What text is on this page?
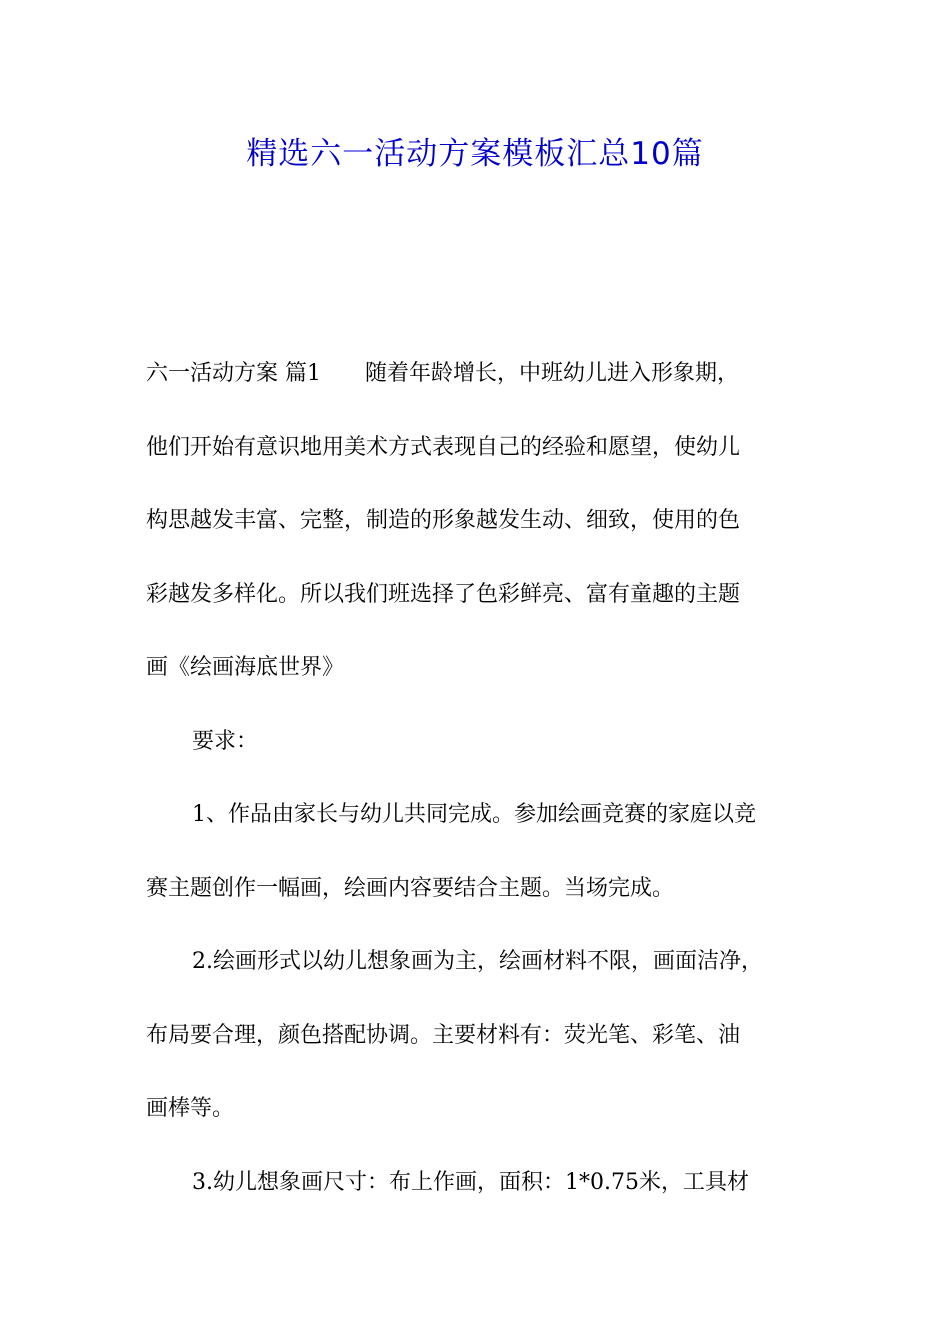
精选六一活动方案模板汇总10篇
六一活动方案 篇1 随着年龄增长，中班幼儿进入形象期，
他们开始有意识地用美术方式表现自己的经验和愿望，使幼儿
构思越发丰富、完整，制造的形象越发生动、细致，使用的色
彩越发多样化。所以我们班选择了色彩鲜亮、富有童趣的主题
画《绘画海底世界》
要求：
1、作品由家长与幼儿共同完成。参加绘画竞赛的家庭以竞
赛主题创作一幅画，绘画内容要结合主题。当场完成。
2.绘画形式以幼儿想象画为主，绘画材料不限，画面洁净，
布局要合理，颜色搭配协调。主要材料有：荧光笔、彩笔、油
画棒等。
3.幼儿想象画尺寸：布上作画，面积：1*0.75米，工具材
